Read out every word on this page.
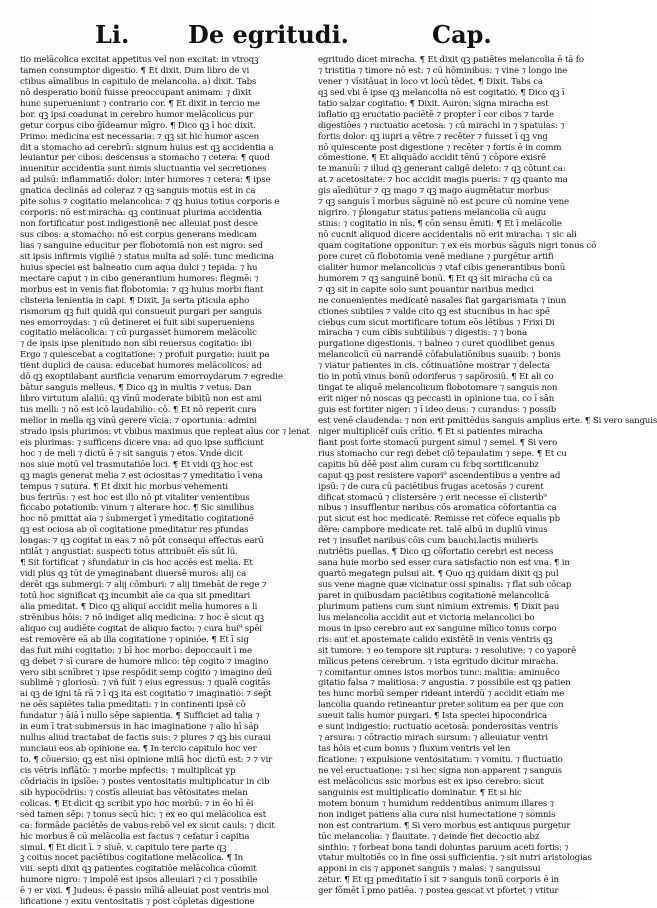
Li. De egritudi.	Cap.
tio melācolica excitat appetitus vel non excitat: in vtroqꝫ
tamen consumptor digestio. ¶ Et dixit. Dum libro de vi
ctibus aīmalibus in capitulo de melancolia. a) dixit. Tabs
nō desperatio bonū fuisse preoccupant animam: ⁊ dixit
hunc superueniunt ⁊ contrario cor. ¶ Et dixit in tercio me
bor. qꝫ ipsi coadunat in cerebro humor melācolicus pur
getur corpus cibo ḡīdeamur mīgro. ¶ Dico qꝫ ī hoc dixit.
Primo: medicina est necessaria: ⁊ qꝫ sit hic humor ascen
dit a stomacho ad cerebrū: signum huius est qꝫ accidentia a
leuiantur per cibos: descensus a stomacho ⁊ cetera: ¶ quod
inuenitur accidentia sunt nimis sluctuantia vel secretiones
ad pulsū: inflammatiō: dolor: inter humores ⁊ cetera: ¶ ipse
gnatica declinās ad coleraz ⁊ qꝫ sanguis motus est in ca
pite solus ⁊ cogitatio melancolica: ⁊ qꝫ huius totius corporis e
corporis: nō est miracha: qꝫ continuat plurima accidentia
non fortificatur post indigestionē nec alleuiat post desce
sus cibos: a stomacho: nō est corpus generans medicam
lias ⁊ sanguine educitur per flobotomiā non est nigro: sed
sit ipsis infirmis vigiliē ⁊ status multa ad solē: tunc medicina
huius speciei est balneatio cum aqua dulci ⁊ tepida: ⁊ hu
mectare caput ⁊ in cibo generantium humores: flegmē: ⁊
morbus est in venis fiat flobotomia: ⁊ qꝫ huius morbi fiant
clisteria lenientia in capi. ¶ Dixit. Ja serta pticula apho
rismorum qꝫ fuit quidā qui consueuit purgari per sanguis
nes emorroydas: ⁊ cū detineret ei fuit sibi superueniens
cogitatio melācolica: ⁊ cū purgasset humorem melācolic
⁊ de ipsis ipse plenitudo non sibi reuersus cogitatio: ibi
Ergo ⁊ quiescebat a cogitatione: ⁊ profuit purgatio: iuuit pa
tient duplici de causa: educebat humores melācolicos: ad
dō qꝫ exoptilabant aurificia venarum emorroydarum ⁊ egredie
bātur sanguis melleus. ¶ Dico qꝫ in multis ⁊ vetus. Dan
libro virtutum alaliū: qꝫ vīnū moderate bibitū non est ami
tus melli: ⁊ nō est icō laudabilio: cō. ¶ Et nō reperit cura
melior in mella qꝫ vinū gerere vīcia: ⁊ oportunia: admini
strado ipsis plurimos: vt vbibus maximus que repleat aīus cor ⁊ lenat
eis plurimas: ⁊ sufficens dicere vna: ad quo ipse sufficiunt
hoc ⁊ de meli ⁊ dictū ē ⁊ sit sanguis ⁊ etos. Vnde dicit
nos siue motū vel trasmutatiōe loci. ¶ Et vidi qꝫ hoc est
qꝫ magis generat melia ⁊ est ociositas ⁊ ymeditatio ī vena
tempus ⁊ sutura. ¶ Et dixit hic morbus vehementi
bus ferirūs: ⁊ est hoc est illo nō pt vitaliter venientibus
ficcabo potationib: vinum ⁊ alterare hoc. ¶ Sic similibus
hoc nō pmittat aia ⁊ submerget ī ymeditatio cogitationē
qꝫ est ociosa ab oī cogitatione pmeditatur res pfundas
longas: ⁊ qꝫ cogitat in eas ⁊ nō pōt consequi effectus earū
ntilāt ⁊ angustiat: suspecti totus attribuēt eīs sūt lū.
¶ Sit fortificat ⁊ sfundatur in cis hoc accēs est melia. Et
vidi plus qꝫ tūt de ymaginabant diuersē muros: alij ca
derēt qꝫs submergi: ⁊ alij cōmburi: ⁊ alij timebāt de rege ⁊
totū hoc significat qꝫ incumbit aīe ca qua sit pmeditari
alia pmeditat. ¶ Dico qꝫ aliqui accidit melia humores a li
strēnibus hōis: ⁊ nō indiget aliq medicina: ⁊ hoc ē sicut qꝫ
aliquo cuj audiēte cogitat de aliquo facto: ⁊ cura hui⁹ spēi
est removēre eā ab illa cogitatione ⁊ opinióe. ¶ Et ī sig
das fuit mihi cogitatio: ⁊ bī hoc morbo: depoccauit ī me
qꝫ debet ⁊ sī curare de humore mlico: tēp cogito ⁊ imagino
vero sibi scnībret ⁊ ipse respōdit semp cogito ⁊ imagino deū
sublimē ⁊ gloriosū: ⁊ vñ fuit ⁊ eius egressus: ⁊ qualē cogitās
ai qꝫ de igni tā rā ⁊ ī qꝫ ita est cogitatio ⁊ imaginatio: ⁊ sep̄t
ne oēs sapiētes talia pmeditati: ⁊ in continenti ipsē cō
fundatur ⁊ āiā ī nullo sēpe sapientia. ¶ Sufficiet ad talia ⁊
in eum ī trat submersus in hac imaginatione ⁊ alio hī sāp
nullus aliud tractabat de factis suis: ⁊ plures ⁊ qꝫ bis curaui
nunciaui eos ab opinione ea. ¶ In tercio capitulo hoc ver
to. ¶ cōuersio: qꝫ est nīsi opinione mliā hoc dictū est: ⁊ ⁊ vir
cis vētris inflātō: ⁊ morbe mpfectis: ⁊ multiplicat yp
cōdriacis in ipsiōe: ⁊ postes ventositatis multiplicatur in cib
sib hypocōdriis: ⁊ costīs alleuiat bas vētositates melan
colicas. ¶ Et dicit qꝫ scribit ypo hoc morbū: ⁊ in ēo hī ēi
sed tamen sēp: ⁊ tonus secū hic: ⁊ ex eo qui melācolica est
ca: formāde paciētēs de vabus rebō vel ex sicut cauls: ⁊ dicit
hic morbus ē cū melācolia est factus ⁊ cefatur ī capitia
simul. ¶ Et dicit ī. ⁊ siuē. v. capitulo tere parte qꝫ
ꝫ coitus nocet paciētibus cogitatione melācolica. ¶ In
viii. septi dixit qꝫ patientes cogitatiōe melācolica cūomit
humore nigro: ⁊ impolē est ipsos alleuiari ⁊ ci ⁊ possibile
ē ⁊ er vixi. ¶ Judeus: ē passio mīliā alleuiat post ventris mol
lificatione ⁊ exitu ventositatis ⁊ post cōpletas digestione
egritudo dicet miracha. ¶ Et dixit qꝫ patiētes melancolia ē tā fo
⁊ tristitia ⁊ timore nō est: ⁊ cū hōminibus: ⁊ vine ⁊ longo ine
vener ⁊ vīsitāuat in loco vt locū tēdet. ¶ Dixit. Tabs ca
qꝫ sed vbi ē ipse qꝫ melancolia nō est cogitatio. ¶ Dico qꝫ ī
tatio salzar cogitatio: ¶ Dixit. Auron: signa miracha est
inflatio qꝫ eructatio paciētē ⁊ propter ī cor cibos ⁊ tarde
digestiōes ⁊ ructuatio acetosa: ⁊ cū mirachi in ⁊ spatulas: ⁊
fortis dolor: qꝫ iupri a vētre ⁊ recēter ⁊ fuisset ī qꝫ vng
nō quiescente post digestione ⁊ recēter ⁊ fortis ē in comm
cōmestione. ¶ Et aliquādo accidit tēnū ⁊ cōpore exisrē
te manuū: ⁊ illud qꝫ generant caligē deleto: ⁊ qꝫ cōtunt ca:
at ⁊ acetositate: ⁊ hoc accidit magis pueris: ⁊ qꝫ quanto ma
gis aīediūtur ⁊ qꝫ mago ⁊ qꝫ mago augmētatur morbus
⁊ qꝫ sanguis ī morbus sāguinē nō est pcure cū nomine vene
nigriro. ⁊ p̄longatur status patiens melancolia cū augu
stius: ⁊ cogitatio in nīs. ¶ cōn sensu ēmiti: ¶ Et ī melācolie
nō cucnit aliquod dicere accidentalis nō erit miracha: ⁊ sic ali
quam cogitatione opponitur: ⁊ ex eis morbus sāguis nigri tonus cō
pore curet cū flobotomia venē mediane ⁊ purgētur artifi
cialiter humor melancolicus ⁊ vtaf cibis generantibus bonū
humorem ⁊ qꝫ sanguinē bonū. ¶ Et qꝫ sit miracha cū ca
⁊ qꝫ sit in capite solo sunt pouantur naribus medici
ne conuenientes medicatē nasales fiat gargarismata ⁊ inun
ctiones subtiles ⁊ valde cito qꝫ est stucnibus in hac spē
ciebus cum sicut mortificare totum eōs lētibus ⁊ Frixi Di
miracha ⁊ cum cibis subtilibus ⁊ digestis: ⁊ ⁊ bona
purgatione digestionis. ⁊ balneo ⁊ curet quodlibet genus
melancolicū cū narrandē cōfabulatiōnibus suauib: ⁊ bonis
⁊ viatur patientes in cis. cōtinuatiōne mostrar ⁊ delecta
tio in potū vinus bonū odoriferus ⁊ sapōrosiū. ¶ Et ali co
tingat te aliquē melancolicum flobotomare ⁊ sanguis non
erit niger nō noscas qꝫ peccasti in opinione tua. co ī sān
guis est fortiter niger: ⁊ ī ideo deus: ⁊ curandus: ⁊ possib
est venē claudenda: ⁊ non erit pmittēdus sanguis amplius erte. ¶ Si vero sanguis
niger multiplicēf cuīs crītio. ¶ Et si patientes miracha
fiant post forte stomacū purgent simul ⁊ semel. ¶ Si vero
rius stomacho cur regi debet ciō tepaulatim ⁊ sepe. ¶ Et cu
capitis bū dēē post alim curam cu fcbq sortificanubz
caput qꝫ post resistere vapori⁹ ascendentibus a ventre ad
ipsū: ⁊ de cura cū paciētibus frugas acetosās ⁊ curent
dificat stomacū ⁊ clistersēre ⁊ erit necesse eī clisterib⁹
nibus ⁊ insufflentur naribus cōs aromatica cōfortantia ca
put sicut est hoc medicatē. Remisse ret cōfece equalis pb
dēre: campbore medicate ret. talē albū in dupliū vinus
ret ⁊ insuflet naribus cōis cum bauchi.lactis mulieris
nutriētis puellas. ¶ Dico qꝫ cōfortatio cerebri est necess
sana huie morbo sed esser cura satisfactio non est vna. ¶ in
quartō megategn pulsui ait. ¶ Quo qꝫ quidam dixit qꝫ pul
sus vene magne quæ vicinatur ossi spinalis: ⁊ flat sub cōcap
paret in quibusdam paciētibus cogitationē melancolicā
plurimum patiens cum sunt nimium extremis. ¶ Dixit pau
lus melancolia accidit aut et victoria melancolici bo
mous in ipso cerebro aut ex sanguine mīlico tonus corpo
ris: aut et apostemate calido existētē in venis ventris qꝫ
sit tumore: ⁊ eo tempore sit ruptura: ⁊ resolutive: ⁊ co yaporē
mīlicus petens cerebrum. ⁊ ista egritudo dicitur miracha.
⁊ comitantur omnes istos morbos tunc: malitia: aminuēco
gitatio falsa ⁊ malitiosa: ⁊ angustia. ⁊ possibile est qꝫ patien
tes hunc morbū semper rideant interdū ⁊ accidit etiam me
lancolia quando retineantur preter solitum ea per que con
sueuit talis humor purgari. ¶ Ista speciei hipocondrica
e sunt indigestio: ructuatio acetosā: ponderositas ventris
⁊ arsura: ⁊ cōtractio mirach sursum: ⁊ alleuiatur ventri
tas hōis et cum bonus ⁊ fluxum ventris vel len
ficatione: ⁊ expulsione ventositatum: ⁊ vomitu. ⁊ fluctuatio
ne vel eructuatione: ⁊ si hec signa non apparent ⁊ sanguis
est melācolicus ssic morbus est ex ipso cerebro: sicut
sanguinis est multiplicatio dominatur. ¶ Et si hic
motem bonum ⁊ humidum reddentibus animum illares ⁊
non indiget patiens alia cura nisi humectatione ⁊ somnis
non est contrarium. ¶ Si vero morbus est antiquus purgetur
tūc melancolia: ⁊ flauitate. ⁊ deinde fiet decoctio abz
sinthio: ⁊ forbeat bona tandi doluntas paruum aceti fortis: ⁊
vtatur multotiēs co in fine ossi sufficientia. ⁊ sit nutri aristologias
apponi in cis ⁊ apponet sanguis ⁊ malas: ⁊ sanguissui
zetur. ¶ Et qꝫ pmeditatio ī sit ⁊ sanguis tonū corporis ē in
ger fōmēt ī pmo patiēa. ⁊ postea gescat vt pfortet ⁊ vtitur
